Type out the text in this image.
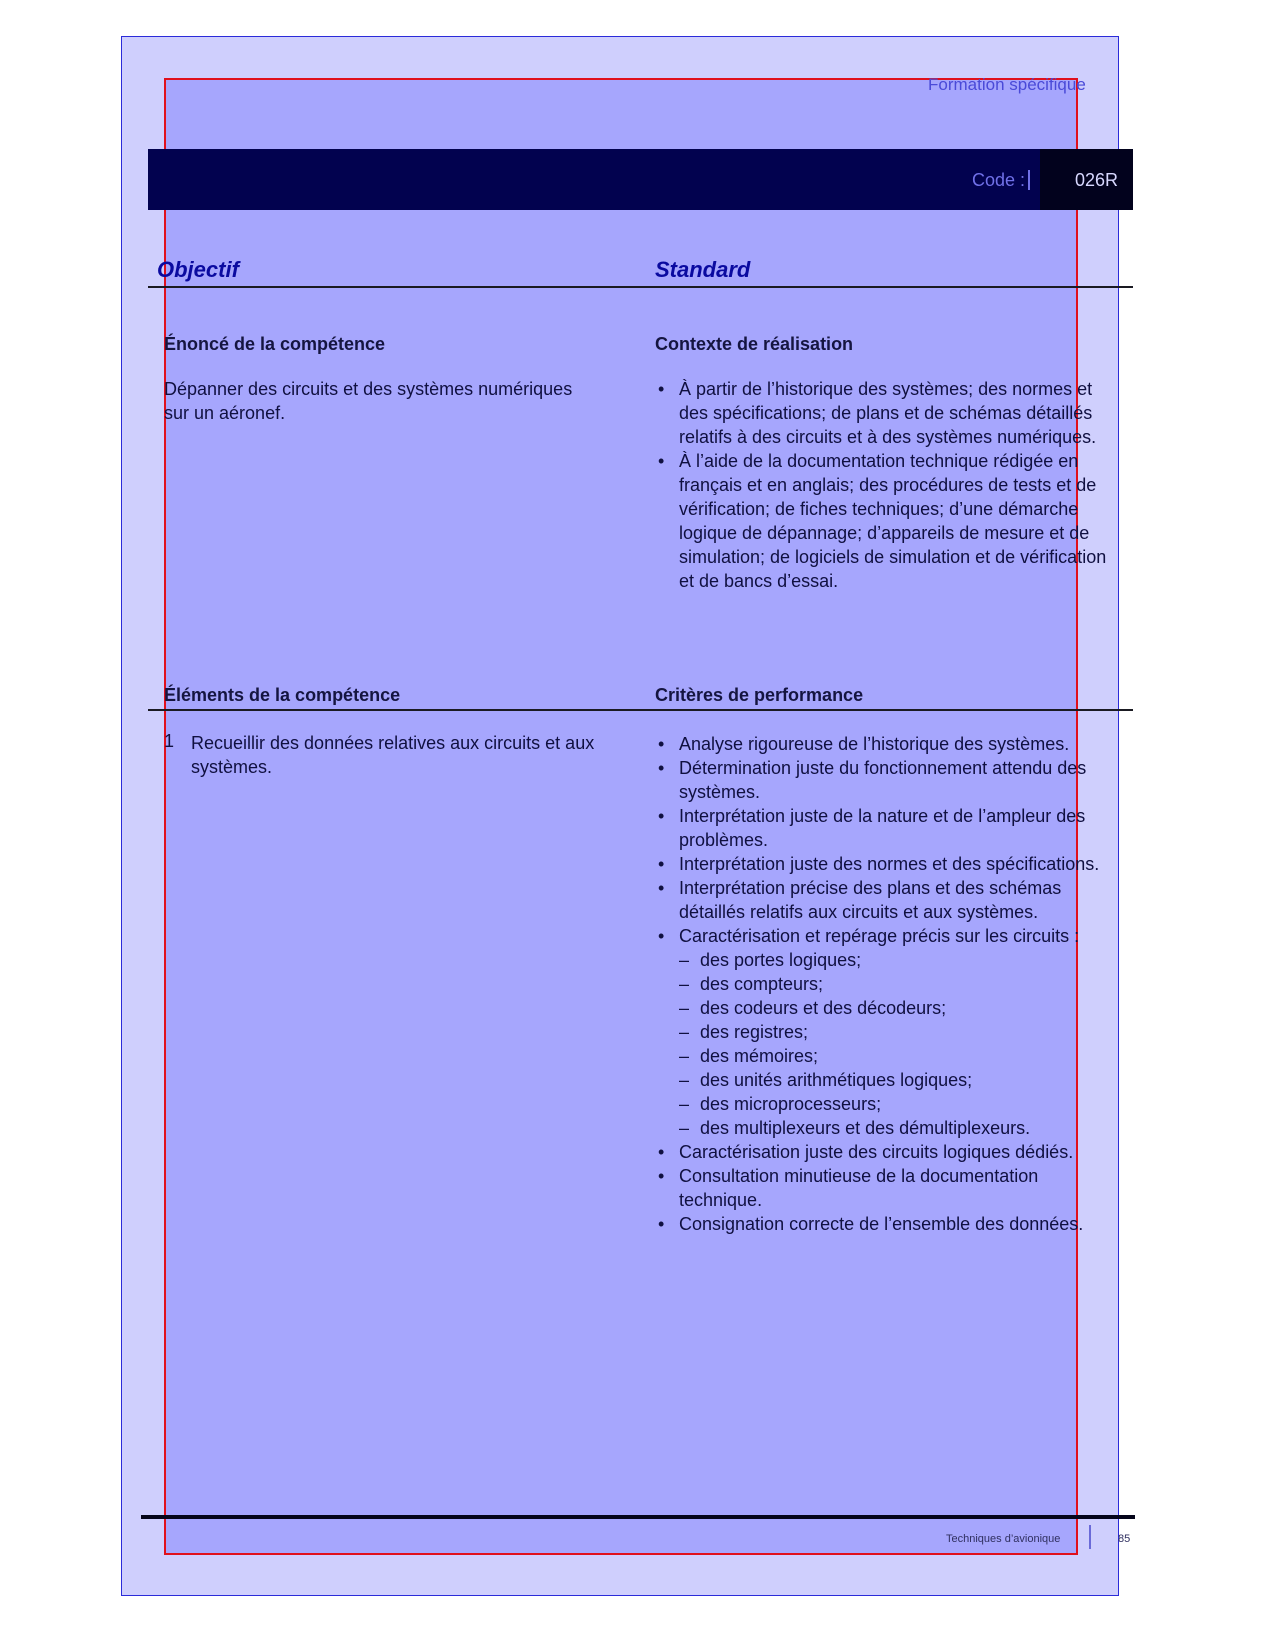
Formation spécifique
Code :	026R
Objectif	Standard
Énoncé de la compétence	Contexte de réalisation
Dépanner des circuits et des systèmes numériques sur un aéronef.
• À partir de l’historique des systèmes; des normes et des spécifications; de plans et de schémas détaillés relatifs à des circuits et à des systèmes numériques.
• À l’aide de la documentation technique rédigée en français et en anglais; des procédures de tests et de vérification; de fiches techniques; d’une démarche logique de dépannage; d’appareils de mesure et de simulation; de logiciels de simulation et de vérification et de bancs d’essai.
Éléments de la compétence	Critères de performance
1 Recueillir des données relatives aux circuits et aux systèmes.
• Analyse rigoureuse de l’historique des systèmes.
• Détermination juste du fonctionnement attendu des systèmes.
• Interprétation juste de la nature et de l’ampleur des problèmes.
• Interprétation juste des normes et des spécifications.
• Interprétation précise des plans et des schémas détaillés relatifs aux circuits et aux systèmes.
• Caractérisation et repérage précis sur les circuits :
– des portes logiques;
– des compteurs;
– des codeurs et des décodeurs;
– des registres;
– des mémoires;
– des unités arithmétiques logiques;
– des microprocesseurs;
– des multiplexeurs et des démultiplexeurs.
• Caractérisation juste des circuits logiques dédiés.
• Consultation minutieuse de la documentation technique.
• Consignation correcte de l’ensemble des données.
Techniques d’avionique	85
